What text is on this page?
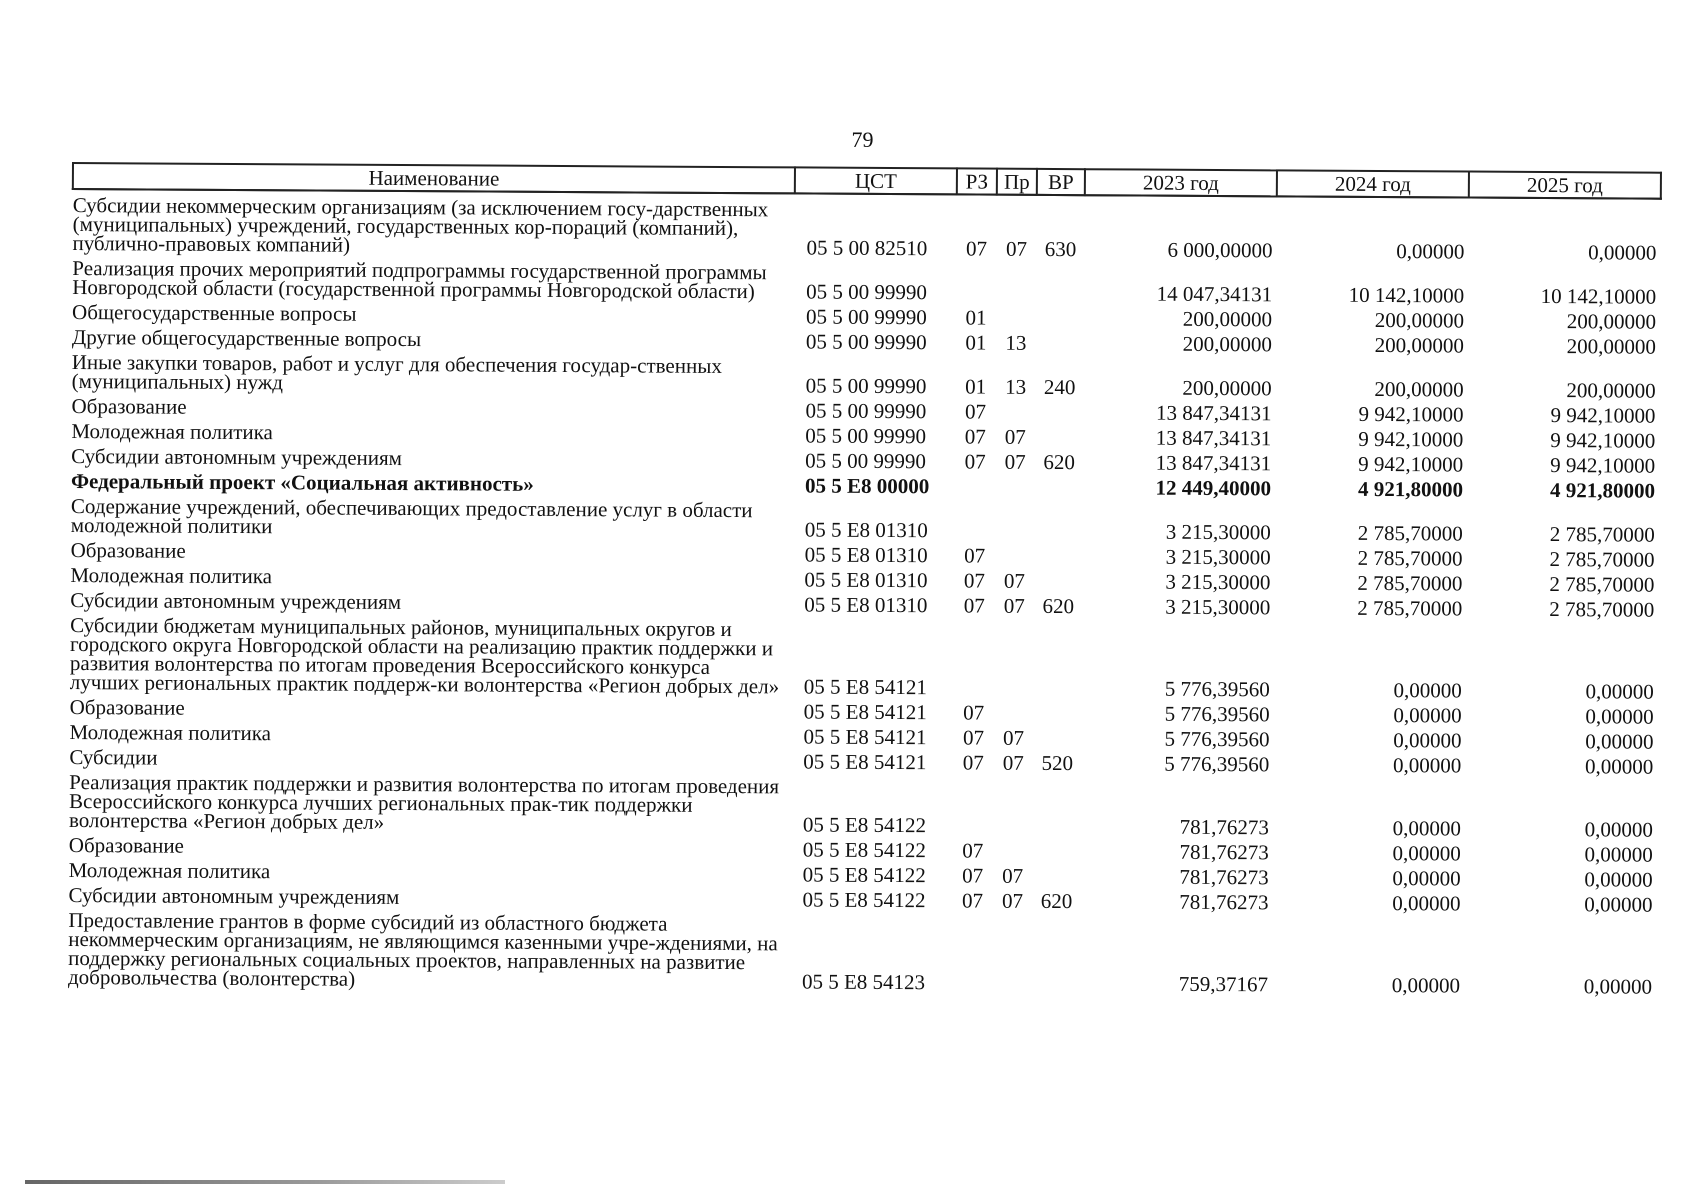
79
Наименование	ЦСТ	РЗ	Пр	ВР	2023 год	2024 год	2025 год
Субсидии некоммерческим организациям (за исключением госу-дарственных (муниципальных) учреждений, государственных кор-пораций (компаний), публично-правовых компаний)	05 5 00 82510	07	07	630	6 000,00000	0,00000	0,00000
Реализация прочих мероприятий подпрограммы государственной программы Новгородской области (государственной программы Новгородской области)	05 5 00 99990				14 047,34131	10 142,10000	10 142,10000
Общегосударственные вопросы	05 5 00 99990	01			200,00000	200,00000	200,00000
Другие общегосударственные вопросы	05 5 00 99990	01	13		200,00000	200,00000	200,00000
Иные закупки товаров, работ и услуг для обеспечения государ-ственных (муниципальных) нужд	05 5 00 99990	01	13	240	200,00000	200,00000	200,00000
Образование	05 5 00 99990	07			13 847,34131	9 942,10000	9 942,10000
Молодежная политика	05 5 00 99990	07	07		13 847,34131	9 942,10000	9 942,10000
Субсидии автономным учреждениям	05 5 00 99990	07	07	620	13 847,34131	9 942,10000	9 942,10000
Федеральный проект «Социальная активность»	05 5 E8 00000				12 449,40000	4 921,80000	4 921,80000
Содержание учреждений, обеспечивающих предоставление услуг в области молодежной политики	05 5 E8 01310				3 215,30000	2 785,70000	2 785,70000
Образование	05 5 E8 01310	07			3 215,30000	2 785,70000	2 785,70000
Молодежная политика	05 5 E8 01310	07	07		3 215,30000	2 785,70000	2 785,70000
Субсидии автономным учреждениям	05 5 E8 01310	07	07	620	3 215,30000	2 785,70000	2 785,70000
Субсидии бюджетам муниципальных районов, муниципальных округов и городского округа Новгородской области на реализацию практик поддержки и развития волонтерства по итогам проведения Всероссийского конкурса лучших региональных практик поддерж-ки волонтерства «Регион добрых дел»	05 5 E8 54121				5 776,39560	0,00000	0,00000
Образование	05 5 E8 54121	07			5 776,39560	0,00000	0,00000
Молодежная политика	05 5 E8 54121	07	07		5 776,39560	0,00000	0,00000
Субсидии	05 5 E8 54121	07	07	520	5 776,39560	0,00000	0,00000
Реализация практик поддержки и развития волонтерства по итогам проведения Всероссийского конкурса лучших региональных прак-тик поддержки волонтерства «Регион добрых дел»	05 5 E8 54122				781,76273	0,00000	0,00000
Образование	05 5 E8 54122	07			781,76273	0,00000	0,00000
Молодежная политика	05 5 E8 54122	07	07		781,76273	0,00000	0,00000
Субсидии автономным учреждениям	05 5 E8 54122	07	07	620	781,76273	0,00000	0,00000
Предоставление грантов в форме субсидий из областного бюджета некоммерческим организациям, не являющимся казенными учре-ждениями, на поддержку региональных социальных проектов, направленных на развитие добровольчества (волонтерства)	05 5 E8 54123				759,37167	0,00000	0,00000
